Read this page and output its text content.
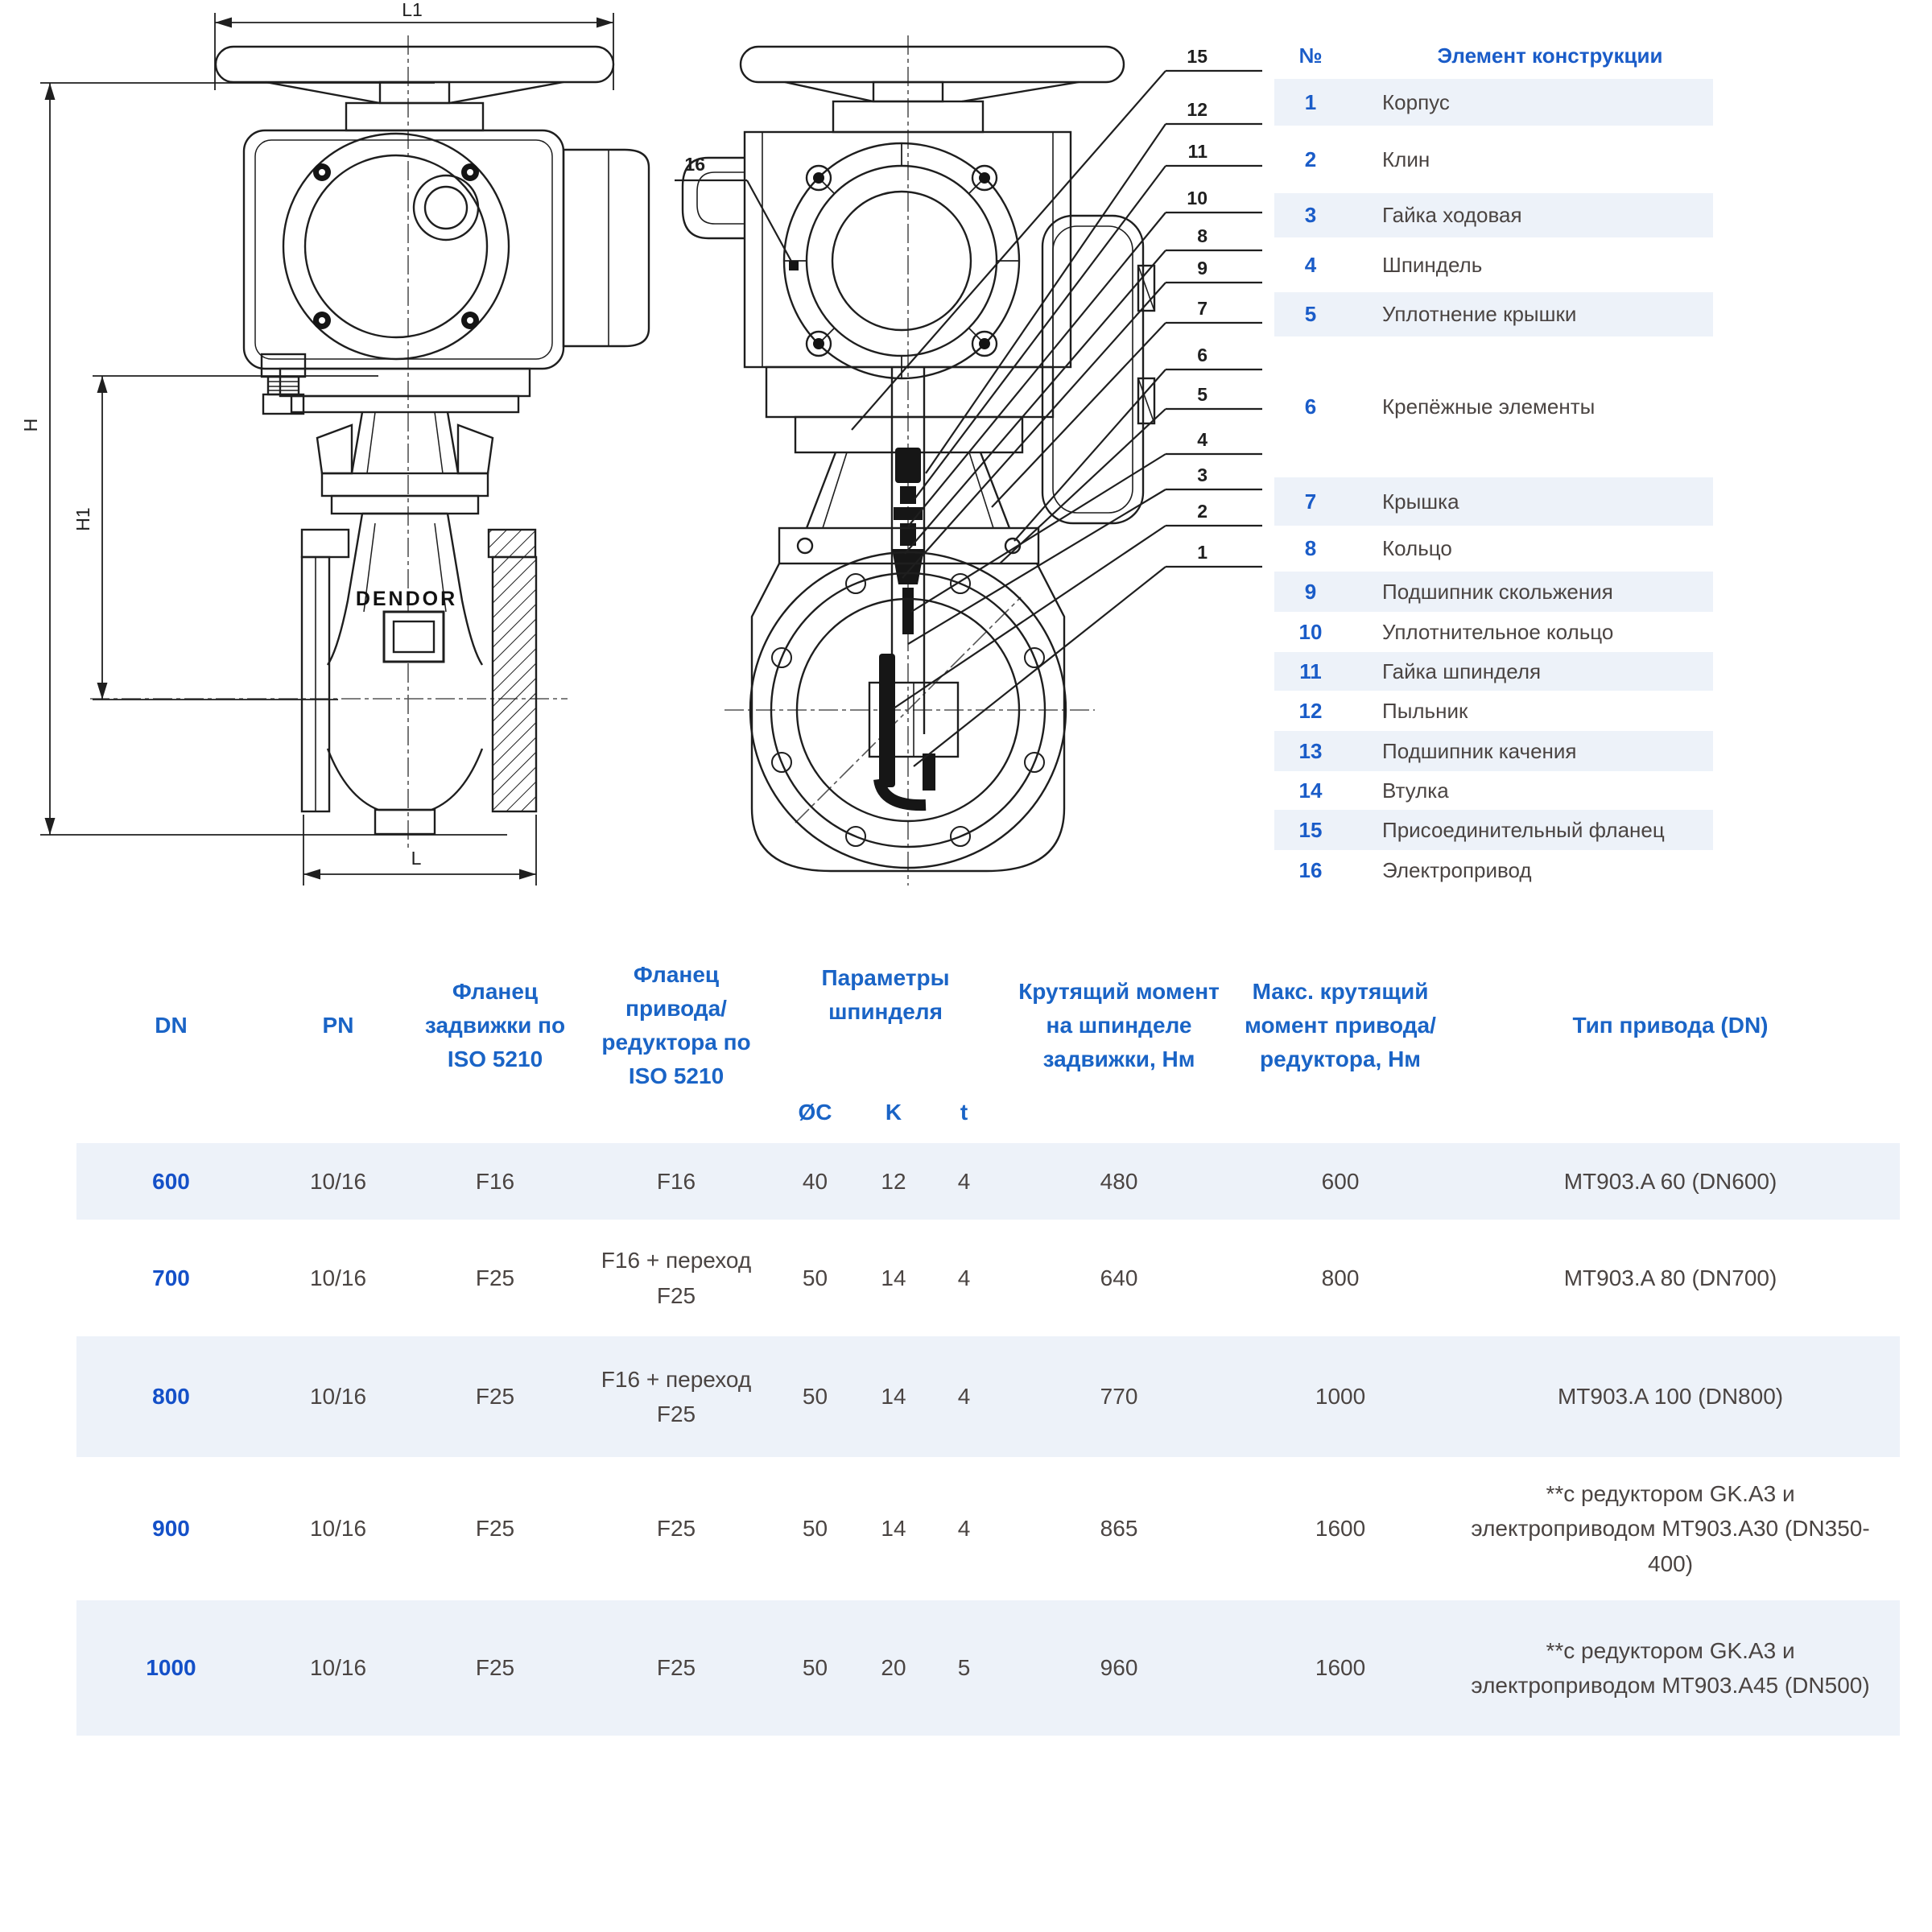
L1
H
H1
L
DENDOR
15
12
11
10
8
9
7
6
5
4
3
2
1
16
№	Элемент конструкции
1	Корпус
2	Клин
3	Гайка ходовая
4	Шпиндель
5	Уплотнение крышки
6	Крепёжные элементы
7	Крышка
8	Кольцо
9	Подшипник скольжения
10	Уплотнительное кольцо
11	Гайка шпинделя
12	Пыльник
13	Подшипник качения
14	Втулка
15	Присоединительный фланец
16	Электропривод
DN	PN	Фланец задвижки по ISO 5210	Фланец привода/ редуктора по ISO 5210	Параметры шпинделя			Крутящий момент на шпинделе задвижки, Нм	Макс. крутящий момент привода/ редуктора, Нм	Тип привода (DN)
				ØC	K	t			
600	10/16	F16	F16	40	12	4	480	600	MT903.A 60 (DN600)
700	10/16	F25	F16 + переход F25	50	14	4	640	800	MT903.A 80 (DN700)
800	10/16	F25	F16 + переход F25	50	14	4	770	1000	MT903.A 100 (DN800)
900	10/16	F25	F25	50	14	4	865	1600	**с редуктором GK.A3 и электроприводом MT903.A30 (DN350-400)
1000	10/16	F25	F25	50	20	5	960	1600	**с редуктором GK.A3 и электроприводом MT903.A45 (DN500)
